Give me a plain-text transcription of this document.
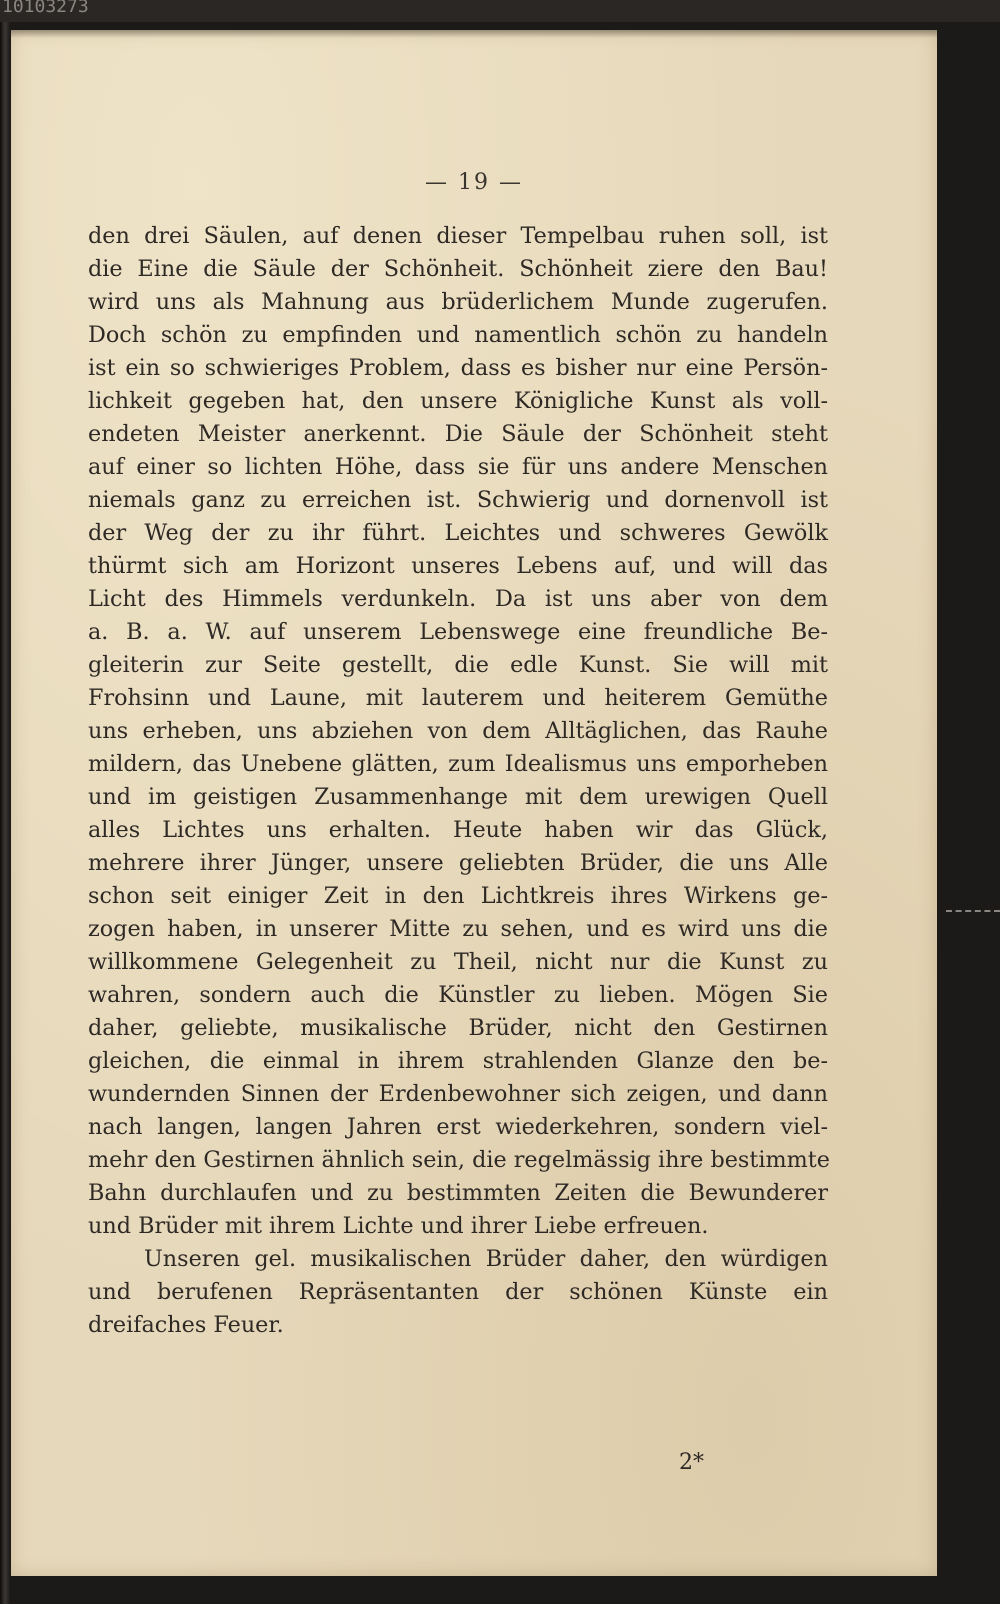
10103273
— 19 —
den drei Säulen, auf denen dieser Tempelbau ruhen soll, ist
die Eine die Säule der Schönheit. Schönheit ziere den Bau!
wird uns als Mahnung aus brüderlichem Munde zugerufen.
Doch schön zu empfinden und namentlich schön zu handeln
ist ein so schwieriges Problem, dass es bisher nur eine Persön-
lichkeit gegeben hat, den unsere Königliche Kunst als voll-
endeten Meister anerkennt. Die Säule der Schönheit steht
auf einer so lichten Höhe, dass sie für uns andere Menschen
niemals ganz zu erreichen ist. Schwierig und dornenvoll ist
der Weg der zu ihr führt. Leichtes und schweres Gewölk
thürmt sich am Horizont unseres Lebens auf, und will das
Licht des Himmels verdunkeln. Da ist uns aber von dem
a. B. a. W. auf unserem Lebenswege eine freundliche Be-
gleiterin zur Seite gestellt, die edle Kunst. Sie will mit
Frohsinn und Laune, mit lauterem und heiterem Gemüthe
uns erheben, uns abziehen von dem Alltäglichen, das Rauhe
mildern, das Unebene glätten, zum Idealismus uns emporheben
und im geistigen Zusammenhange mit dem urewigen Quell
alles Lichtes uns erhalten. Heute haben wir das Glück,
mehrere ihrer Jünger, unsere geliebten Brüder, die uns Alle
schon seit einiger Zeit in den Lichtkreis ihres Wirkens ge-
zogen haben, in unserer Mitte zu sehen, und es wird uns die
willkommene Gelegenheit zu Theil, nicht nur die Kunst zu
wahren, sondern auch die Künstler zu lieben. Mögen Sie
daher, geliebte, musikalische Brüder, nicht den Gestirnen
gleichen, die einmal in ihrem strahlenden Glanze den be-
wundernden Sinnen der Erdenbewohner sich zeigen, und dann
nach langen, langen Jahren erst wiederkehren, sondern viel-
mehr den Gestirnen ähnlich sein, die regelmässig ihre bestimmte
Bahn durchlaufen und zu bestimmten Zeiten die Bewunderer
und Brüder mit ihrem Lichte und ihrer Liebe erfreuen.
Unseren gel. musikalischen Brüder daher, den würdigen
und berufenen Repräsentanten der schönen Künste ein
dreifaches Feuer.
2*
